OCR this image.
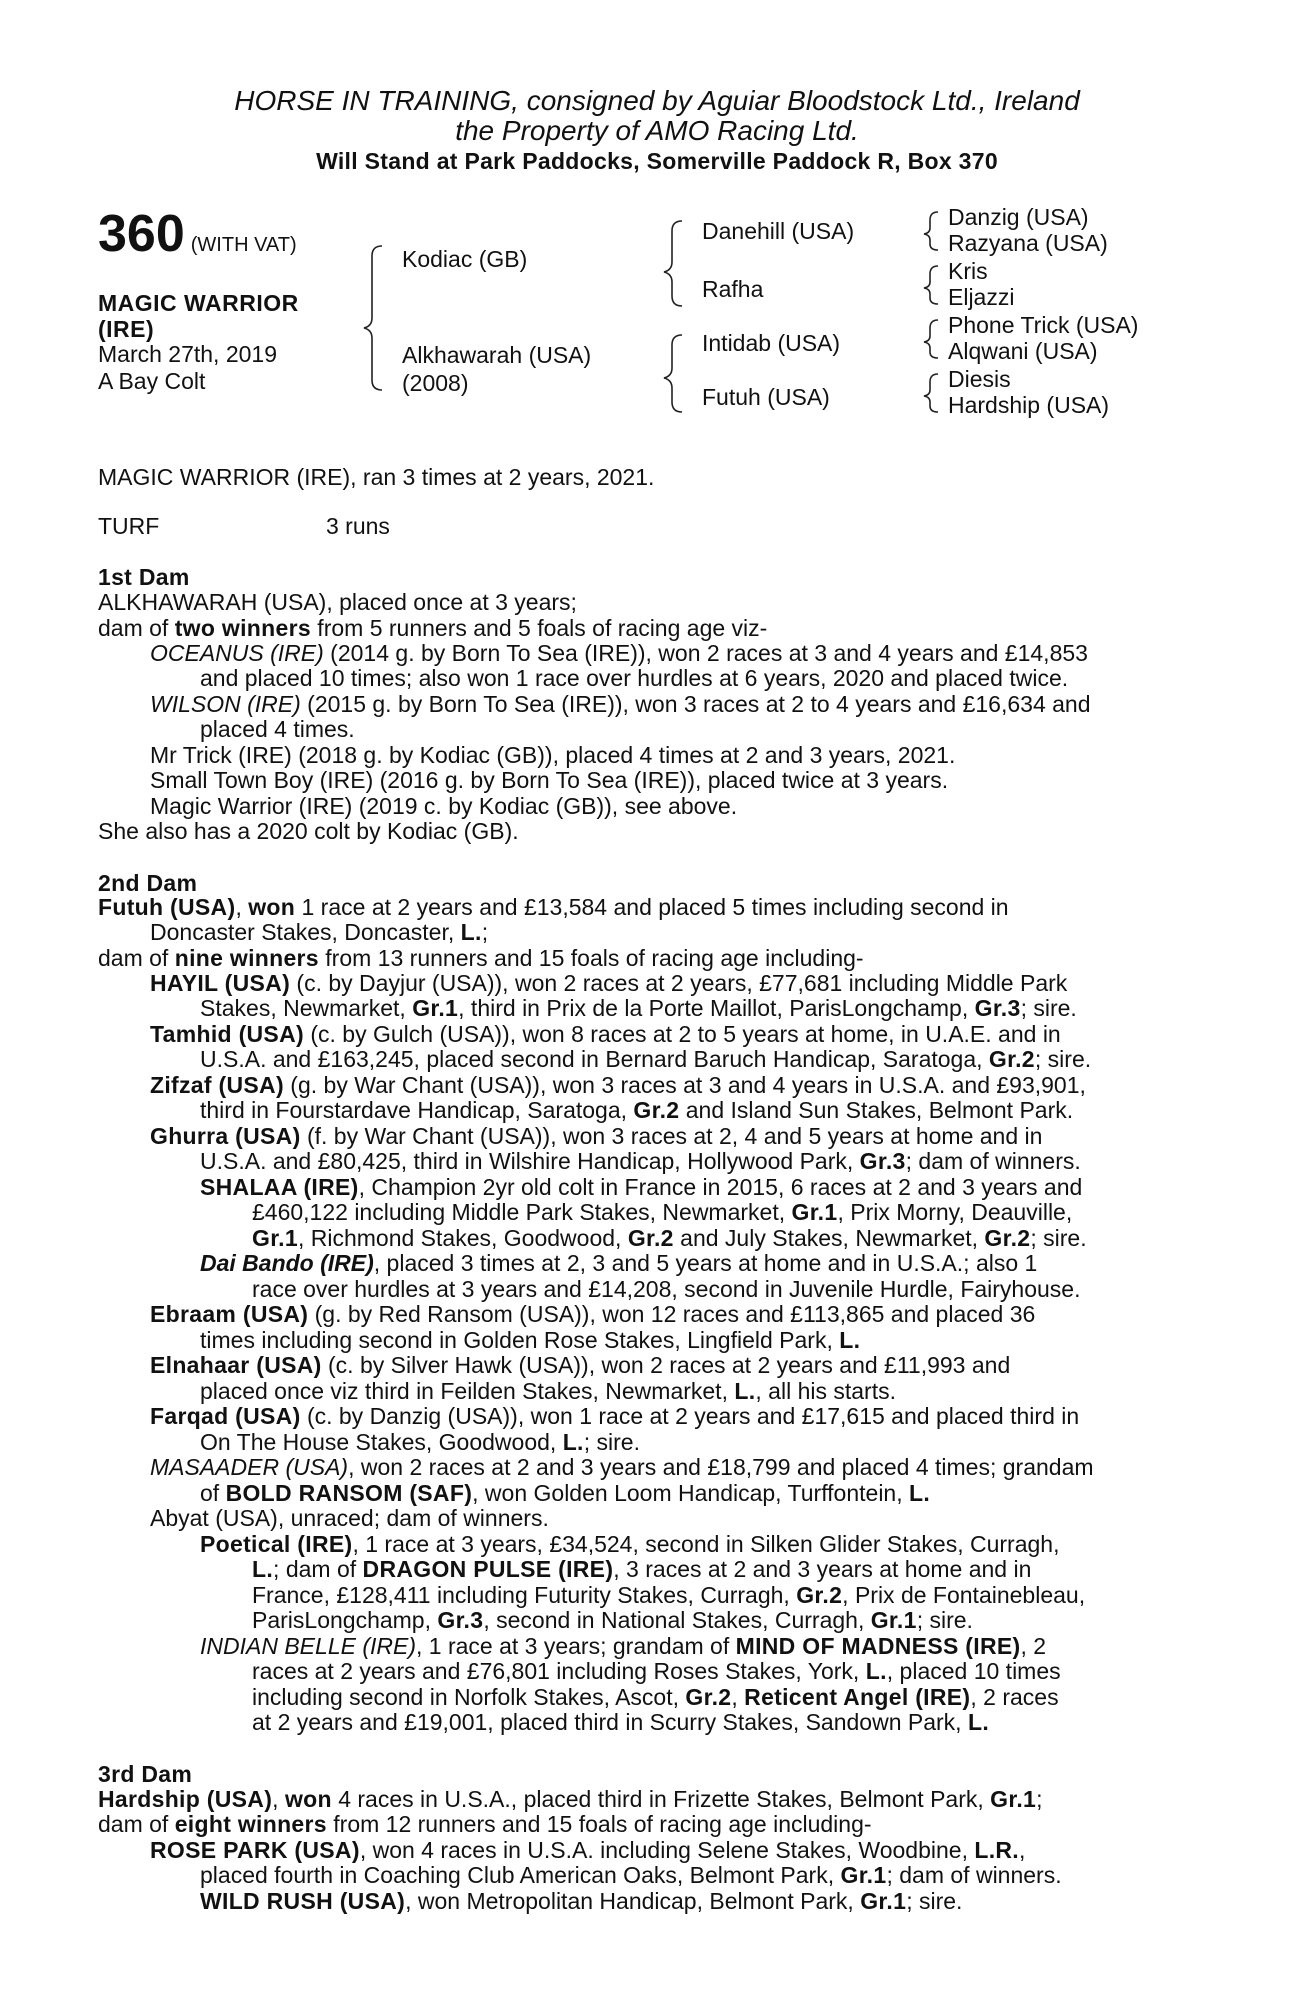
HORSE IN TRAINING, consigned by Aguiar Bloodstock Ltd., Ireland
the Property of AMO Racing Ltd.
Will Stand at Park Paddocks, Somerville Paddock R, Box 370
360 (WITH VAT)
MAGIC WARRIOR
(IRE)
March 27th, 2019
A Bay Colt
Kodiac (GB)
Alkhawarah (USA)
(2008)
Danehill (USA)
Rafha
Intidab (USA)
Futuh (USA)
Danzig (USA)
Razyana (USA)
Kris
Eljazzi
Phone Trick (USA)
Alqwani (USA)
Diesis
Hardship (USA)
MAGIC WARRIOR (IRE), ran 3 times at 2 years, 2021.
TURF	3 runs
1st Dam
ALKHAWARAH (USA), placed once at 3 years;
dam of two winners from 5 runners and 5 foals of racing age viz-
OCEANUS (IRE) (2014 g. by Born To Sea (IRE)), won 2 races at 3 and 4 years and £14,853
and placed 10 times; also won 1 race over hurdles at 6 years, 2020 and placed twice.
WILSON (IRE) (2015 g. by Born To Sea (IRE)), won 3 races at 2 to 4 years and £16,634 and
placed 4 times.
Mr Trick (IRE) (2018 g. by Kodiac (GB)), placed 4 times at 2 and 3 years, 2021.
Small Town Boy (IRE) (2016 g. by Born To Sea (IRE)), placed twice at 3 years.
Magic Warrior (IRE) (2019 c. by Kodiac (GB)), see above.
She also has a 2020 colt by Kodiac (GB).
2nd Dam
Futuh (USA), won 1 race at 2 years and £13,584 and placed 5 times including second in
Doncaster Stakes, Doncaster, L.;
dam of nine winners from 13 runners and 15 foals of racing age including-
HAYIL (USA) (c. by Dayjur (USA)), won 2 races at 2 years, £77,681 including Middle Park
Stakes, Newmarket, Gr.1, third in Prix de la Porte Maillot, ParisLongchamp, Gr.3; sire.
Tamhid (USA) (c. by Gulch (USA)), won 8 races at 2 to 5 years at home, in U.A.E. and in
U.S.A. and £163,245, placed second in Bernard Baruch Handicap, Saratoga, Gr.2; sire.
Zifzaf (USA) (g. by War Chant (USA)), won 3 races at 3 and 4 years in U.S.A. and £93,901,
third in Fourstardave Handicap, Saratoga, Gr.2 and Island Sun Stakes, Belmont Park.
Ghurra (USA) (f. by War Chant (USA)), won 3 races at 2, 4 and 5 years at home and in
U.S.A. and £80,425, third in Wilshire Handicap, Hollywood Park, Gr.3; dam of winners.
SHALAA (IRE), Champion 2yr old colt in France in 2015, 6 races at 2 and 3 years and
£460,122 including Middle Park Stakes, Newmarket, Gr.1, Prix Morny, Deauville,
Gr.1, Richmond Stakes, Goodwood, Gr.2 and July Stakes, Newmarket, Gr.2; sire.
Dai Bando (IRE), placed 3 times at 2, 3 and 5 years at home and in U.S.A.; also 1
race over hurdles at 3 years and £14,208, second in Juvenile Hurdle, Fairyhouse.
Ebraam (USA) (g. by Red Ransom (USA)), won 12 races and £113,865 and placed 36
times including second in Golden Rose Stakes, Lingfield Park, L.
Elnahaar (USA) (c. by Silver Hawk (USA)), won 2 races at 2 years and £11,993 and
placed once viz third in Feilden Stakes, Newmarket, L., all his starts.
Farqad (USA) (c. by Danzig (USA)), won 1 race at 2 years and £17,615 and placed third in
On The House Stakes, Goodwood, L.; sire.
MASAADER (USA), won 2 races at 2 and 3 years and £18,799 and placed 4 times; grandam
of BOLD RANSOM (SAF), won Golden Loom Handicap, Turffontein, L.
Abyat (USA), unraced; dam of winners.
Poetical (IRE), 1 race at 3 years, £34,524, second in Silken Glider Stakes, Curragh,
L.; dam of DRAGON PULSE (IRE), 3 races at 2 and 3 years at home and in
France, £128,411 including Futurity Stakes, Curragh, Gr.2, Prix de Fontainebleau,
ParisLongchamp, Gr.3, second in National Stakes, Curragh, Gr.1; sire.
INDIAN BELLE (IRE), 1 race at 3 years; grandam of MIND OF MADNESS (IRE), 2
races at 2 years and £76,801 including Roses Stakes, York, L., placed 10 times
including second in Norfolk Stakes, Ascot, Gr.2, Reticent Angel (IRE), 2 races
at 2 years and £19,001, placed third in Scurry Stakes, Sandown Park, L.
3rd Dam
Hardship (USA), won 4 races in U.S.A., placed third in Frizette Stakes, Belmont Park, Gr.1;
dam of eight winners from 12 runners and 15 foals of racing age including-
ROSE PARK (USA), won 4 races in U.S.A. including Selene Stakes, Woodbine, L.R.,
placed fourth in Coaching Club American Oaks, Belmont Park, Gr.1; dam of winners.
WILD RUSH (USA), won Metropolitan Handicap, Belmont Park, Gr.1; sire.
